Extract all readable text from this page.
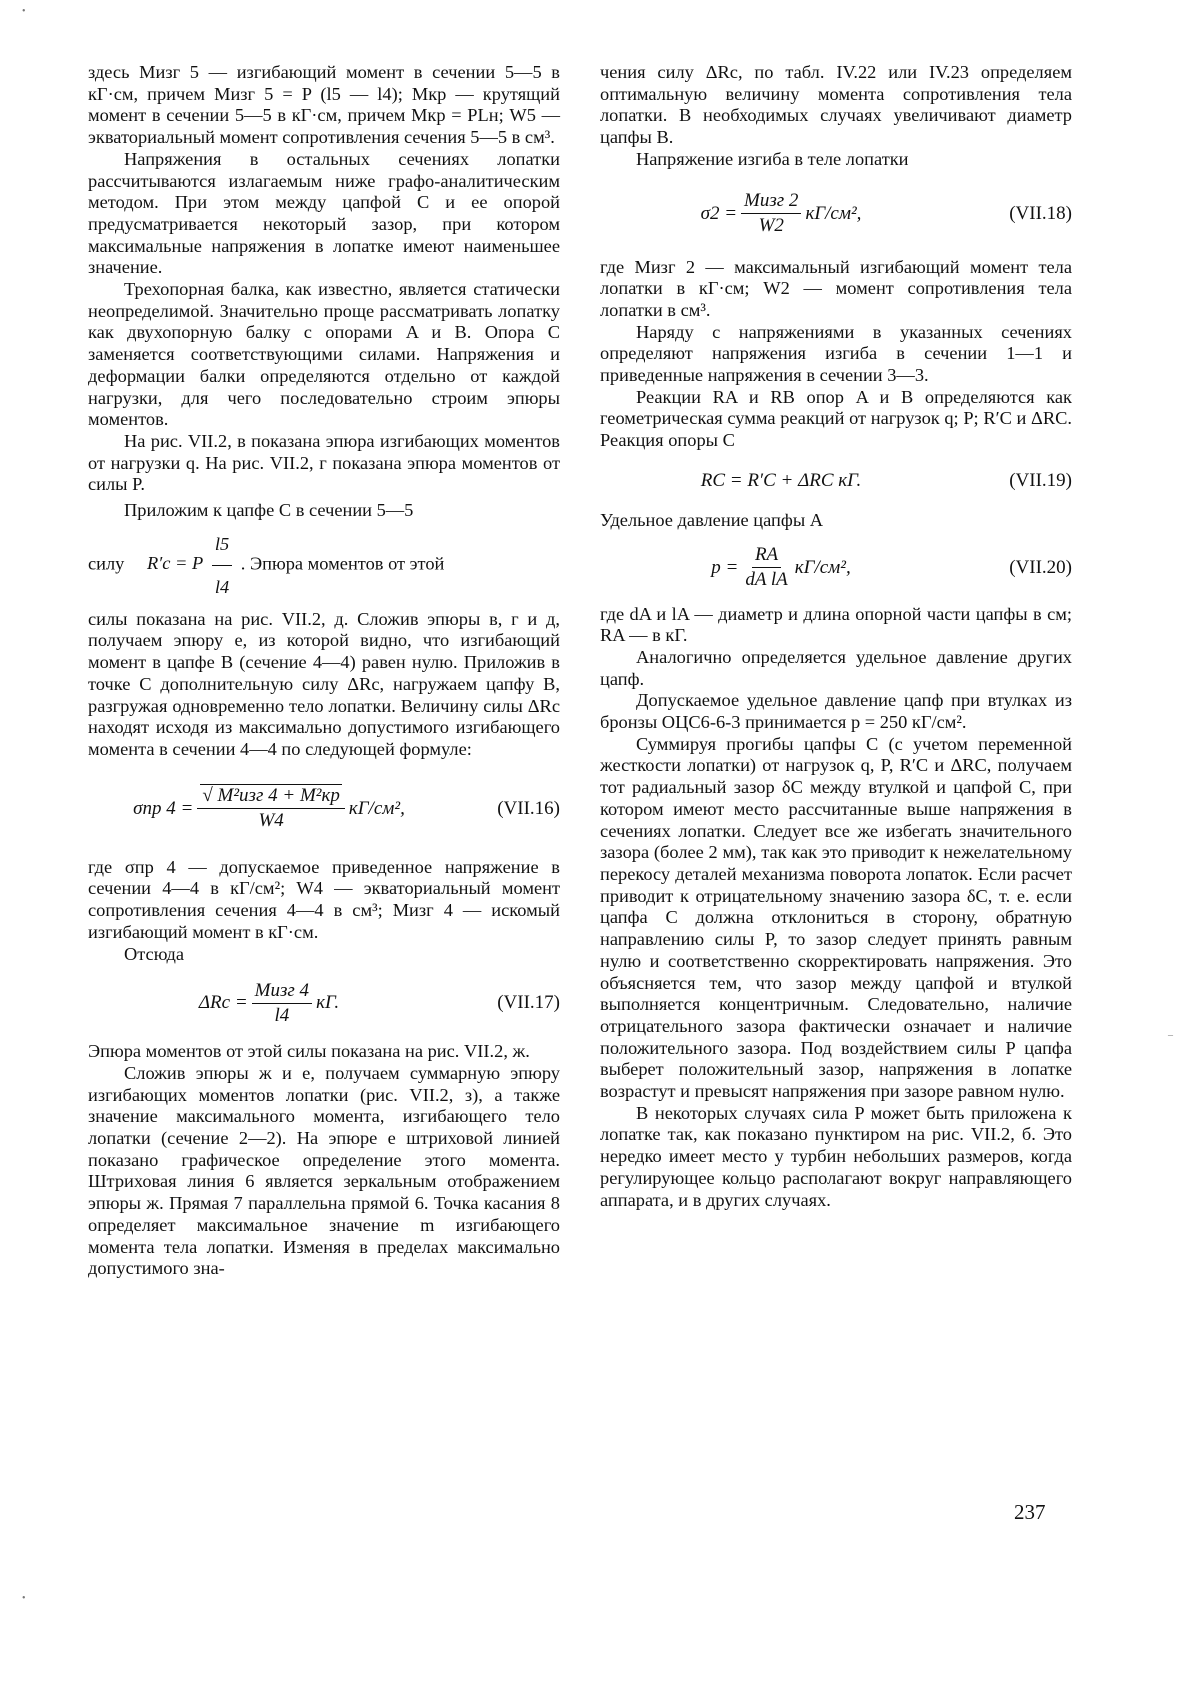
здесь Mизг 5 — изгибающий момент в сечении 5—5 в кГ·см, причем Mизг 5 = P (l5 — l4); Mкр — крутящий момент в сечении 5—5 в кГ·см, причем Mкр = PLн; W5 — экваториальный момент сопротивления сечения 5—5 в см³.

Напряжения в остальных сечениях лопатки рассчитываются излагаемым ниже графо-аналитическим методом. При этом между цапфой C и ее опорой предусматривается некоторый зазор, при котором максимальные напряжения в лопатке имеют наименьшее значение.

Трехопорная балка, как известно, является статически неопределимой. Значительно проще рассматривать лопатку как двухопорную балку с опорами A и B. Опора C заменяется соответствующими силами. Напряжения и деформации балки определяются отдельно от каждой нагрузки, для чего последовательно строим эпюры моментов.

На рис. VII.2, в показана эпюра изгибающих моментов от нагрузки q. На рис. VII.2, г показана эпюра моментов от силы P.

Приложим к цапфе C в сечении 5—5

силу R′c = P $\frac{l5}{l4}$ . Эпюра моментов от этой

силы показана на рис. VII.2, д. Сложив эпюры в, г и д, получаем эпюру е, из которой видно, что изгибающий момент в цапфе B (сечение 4—4) равен нулю. Приложив в точке C дополнительную силу ΔRc, нагружаем цапфу B, разгружая одновременно тело лопатки. Величину силы ΔRc находят исходя из максимально допустимого изгибающего момента в сечении 4—4 по следующей формуле:

σпр $4 = \frac{\text{√ M²изг 4 + M²кр}}{W4} кГ/см^2$,	(VII.16)

где σпр 4 — допускаемое приведенное напряжение в сечении 4—4 в кГ/см²; W4 — экваториальный момент сопротивления сечения 4—4 в см³; Mизг 4 — искомый изгибающий момент в кГ·см.

Отсюда

$\Delta Rc = \frac{\text{Mизг 4}}{l4}$ кГ.	(VII.17)

Эпюра моментов от этой силы показана на рис. VII.2, ж.

Сложив эпюры ж и е, получаем суммарную эпюру изгибающих моментов лопатки (рис. VII.2, з), а также значение максимального момента, изгибающего тело лопатки (сечение 2—2). На эпюре е штриховой линией показано графическое определение этого момента. Штриховая линия 6 является зеркальным отображением эпюры ж. Прямая 7 параллельна прямой 6. Точка касания 8 определяет максимальное значение m изгибающего момента тела лопатки. Изменяя в пределах максимально допустимого зна-

чения силу ΔRc, по табл. IV.22 или IV.23 определяем оптимальную величину момента сопротивления тела лопатки. В необходимых случаях увеличивают диаметр цапфы B.

Напряжение изгиба в теле лопатки

$\sigma 2 = \frac{\text{Mизг 2}}{W2} кГ/см^2$,	(VII.18)

где Mизг 2 — максимальный изгибающий момент тела лопатки в кГ·см; W2 — момент сопротивления тела лопатки в см³.

Наряду с напряжениями в указанных сечениях определяют напряжения изгиба в сечении 1—1 и приведенные напряжения в сечении 3—3.

Реакции RA и RB опор A и B определяются как геометрическая сумма реакций от нагрузок q; P; R′C и ΔRC. Реакция опоры C

RC = R′C + ΔRC кГ.	(VII.19)

Удельное давление цапфы A

$p = \frac{RA}{\text{dA lA}} кГ/см^2$,	(VII.20)

где dA и lA — диаметр и длина опорной части цапфы в см; RA — в кГ.

Аналогично определяется удельное давление других цапф.

Допускаемое удельное давление цапф при втулках из бронзы ОЦС6-6-3 принимается p = 250 кГ/см².

Суммируя прогибы цапфы C (с учетом переменной жесткости лопатки) от нагрузок q, P, R′C и ΔRC, получаем тот радиальный зазор δC между втулкой и цапфой C, при котором имеют место рассчитанные выше напряжения в сечениях лопатки. Следует все же избегать значительного зазора (более 2 мм), так как это приводит к нежелательному перекосу деталей механизма поворота лопаток. Если расчет приводит к отрицательному значению зазора δC, т. е. если цапфа C должна отклониться в сторону, обратную направлению силы P, то зазор следует принять равным нулю и соответственно скорректировать напряжения. Это объясняется тем, что зазор между цапфой и втулкой выполняется концентричным. Следовательно, наличие отрицательного зазора фактически означает и наличие положительного зазора. Под воздействием силы P цапфа выберет положительный зазор, напряжения в лопатке возрастут и превысят напряжения при зазоре равном нулю.

В некоторых случаях сила P может быть приложена к лопатке так, как показано пунктиром на рис. VII.2, б. Это нередко имеет место у турбин небольших размеров, когда регулирующее кольцо располагают вокруг направляющего аппарата, и в других случаях.

237
•
•
–
